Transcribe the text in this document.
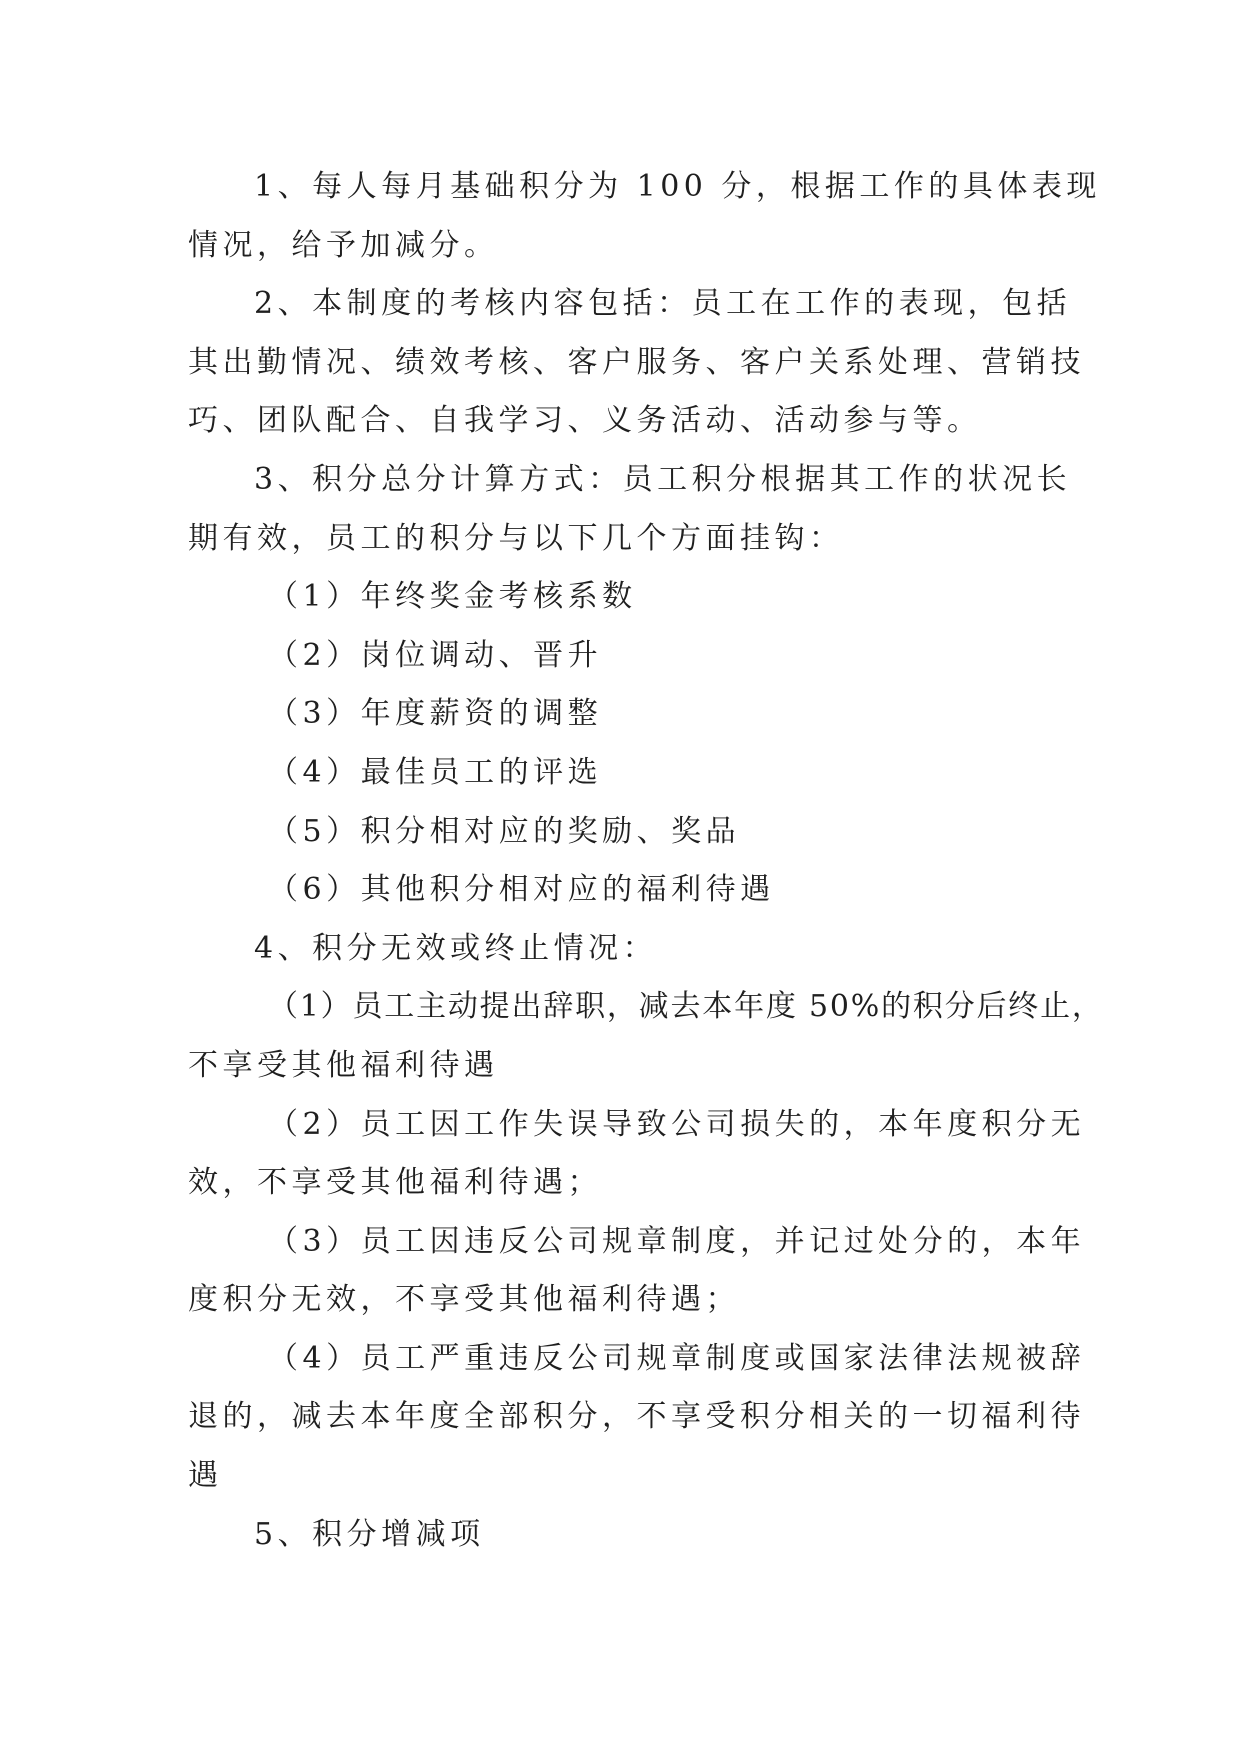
1、每人每月基础积分为 100 分，根据工作的具体表现
情况，给予加减分。
2、本制度的考核内容包括：员工在工作的表现，包括
其出勤情况、绩效考核、客户服务、客户关系处理、营销技
巧、团队配合、自我学习、义务活动、活动参与等。
3、积分总分计算方式：员工积分根据其工作的状况长
期有效，员工的积分与以下几个方面挂钩：
（1）年终奖金考核系数
（2）岗位调动、晋升
（3）年度薪资的调整
（4）最佳员工的评选
（5）积分相对应的奖励、奖品
（6）其他积分相对应的福利待遇
4、积分无效或终止情况：
（1）员工主动提出辞职，减去本年度 50%的积分后终止，
不享受其他福利待遇
（2）员工因工作失误导致公司损失的，本年度积分无
效，不享受其他福利待遇；
（3）员工因违反公司规章制度，并记过处分的，本年
度积分无效，不享受其他福利待遇；
（4）员工严重违反公司规章制度或国家法律法规被辞
退的，减去本年度全部积分，不享受积分相关的一切福利待
遇
5、积分增减项
